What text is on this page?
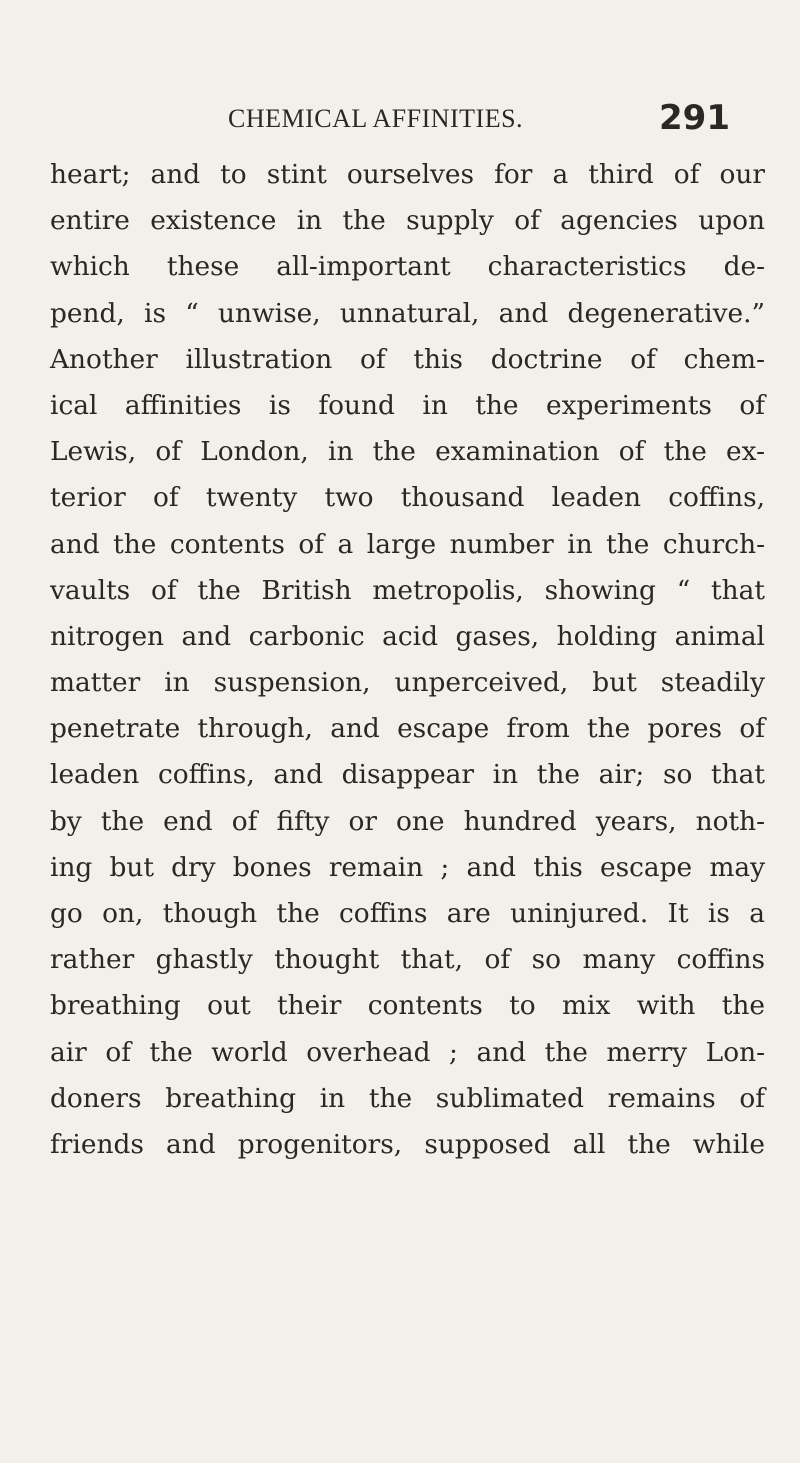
CHEMICAL AFFINITIES.	291
heart; and to stint ourselves for a third of our
entire existence in the supply of agencies upon
which these all-important characteristics de-
pend, is “ unwise, unnatural, and degenerative.”
Another illustration of this doctrine of chem-
ical affinities is found in the experiments of
Lewis, of London, in the examination of the ex-
terior of twenty two thousand leaden coffins,
and the contents of a large number in the church-
vaults of the British metropolis, showing “ that
nitrogen and carbonic acid gases, holding animal
matter in suspension, unperceived, but steadily
penetrate through, and escape from the pores of
leaden coffins, and disappear in the air; so that
by the end of fifty or one hundred years, noth-
ing but dry bones remain ; and this escape may
go on, though the coffins are uninjured. It is a
rather ghastly thought that, of so many coffins
breathing out their contents to mix with the
air of the world overhead ; and the merry Lon-
doners breathing in the sublimated remains of
friends and progenitors, supposed all the while
